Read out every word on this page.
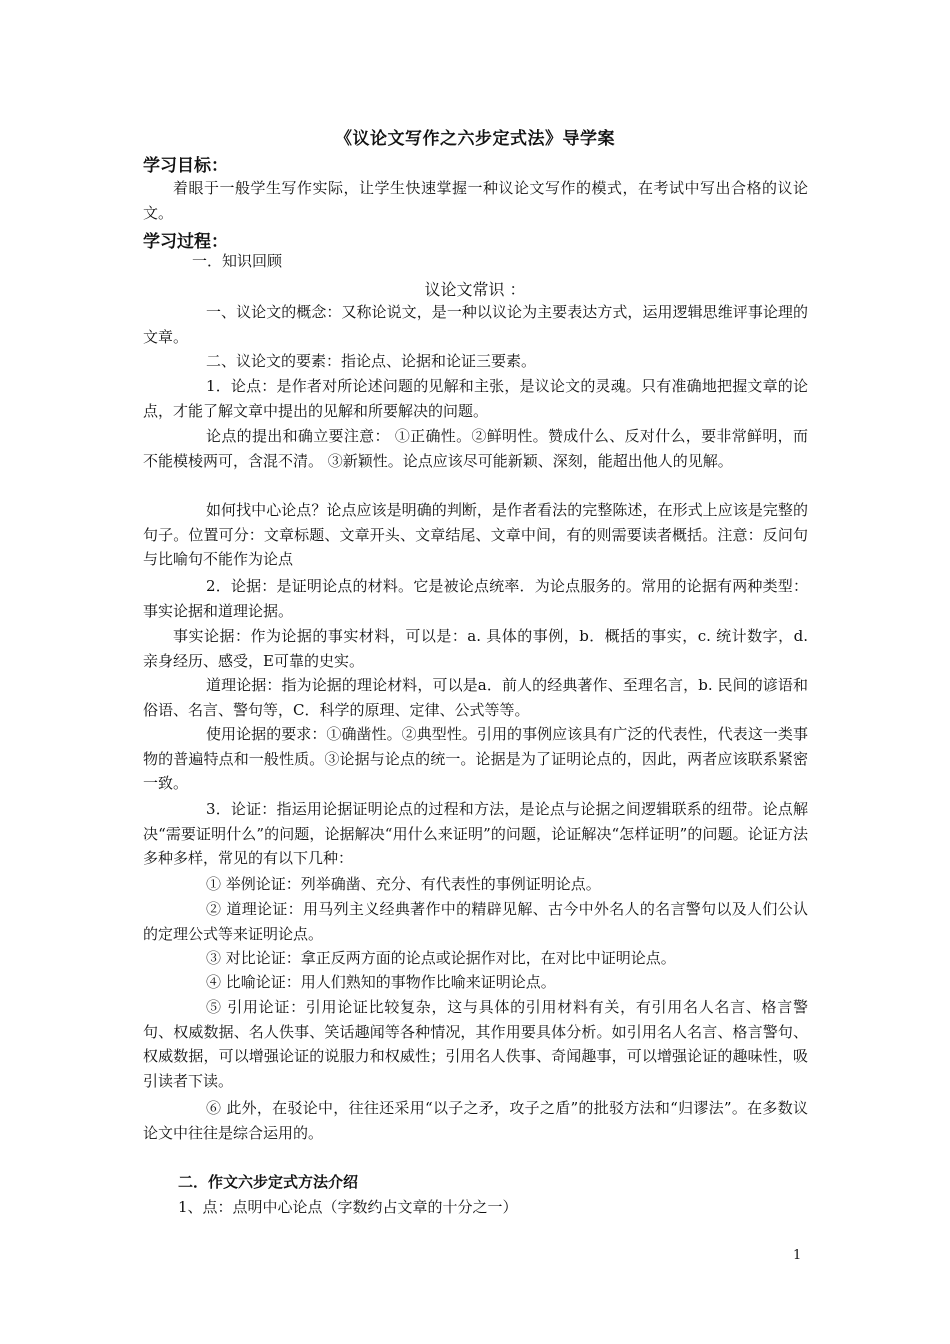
《议论文写作之六步定式法》导学案
学习目标：

着眼于一般学生写作实际，让学生快速掌握一种议论文写作的模式，在考试中写出合格的议论文。

学习过程：
一．知识回顾
议论文常识 ：

一、议论文的概念：又称论说文，是一种以议论为主要表达方式，运用逻辑思维评事论理的文章。

二、议论文的要素：指论点、论据和论证三要素。

1．论点：是作者对所论述问题的见解和主张，是议论文的灵魂。只有准确地把握文章的论点，才能了解文章中提出的见解和所要解决的问题。

论点的提出和确立要注意： ①正确性。②鲜明性。赞成什么、反对什么，要非常鲜明，而不能模棱两可，含混不清。 ③新颖性。论点应该尽可能新颖、深刻，能超出他人的见解。

如何找中心论点？论点应该是明确的判断，是作者看法的完整陈述，在形式上应该是完整的句子。位置可分：文章标题、文章开头、文章结尾、文章中间，有的则需要读者概括。注意：反问句与比喻句不能作为论点

2．论据：是证明论点的材料。它是被论点统率．为论点服务的。常用的论据有两种类型：事实论据和道理论据。

事实论据：作为论据的事实材料，可以是：a. 具体的事例，b．概括的事实，c. 统计数字，d. 亲身经历、感受，E可靠的史实。

道理论据：指为论据的理论材料，可以是a．前人的经典著作、至理名言，b. 民间的谚语和俗语、名言、警句等，C．科学的原理、定律、公式等等。

使用论据的要求：①确凿性。②典型性。引用的事例应该具有广泛的代表性，代表这一类事物的普遍特点和一般性质。③论据与论点的统一。论据是为了证明论点的，因此，两者应该联系紧密一致。

3．论证：指运用论据证明论点的过程和方法，是论点与论据之间逻辑联系的纽带。论点解决“需要证明什么”的问题，论据解决“用什么来证明”的问题，论证解决“怎样证明”的问题。论证方法多种多样，常见的有以下几种：

① 举例论证：列举确凿、充分、有代表性的事例证明论点。

② 道理论证：用马列主义经典著作中的精辟见解、古今中外名人的名言警句以及人们公认的定理公式等来证明论点。

③ 对比论证：拿正反两方面的论点或论据作对比，在对比中证明论点。

④ 比喻论证：用人们熟知的事物作比喻来证明论点。

⑤ 引用论证：引用论证比较复杂，这与具体的引用材料有关，有引用名人名言、格言警句、权威数据、名人佚事、笑话趣闻等各种情况，其作用要具体分析。如引用名人名言、格言警句、权威数据，可以增强论证的说服力和权威性；引用名人佚事、奇闻趣事，可以增强论证的趣味性，吸引读者下读。

⑥ 此外，在驳论中，往往还采用“以子之矛，攻子之盾”的批驳方法和“归谬法”。在多数议论文中往往是综合运用的。

二．作文六步定式方法介绍
1、点：点明中心论点（字数约占文章的十分之一）
1
